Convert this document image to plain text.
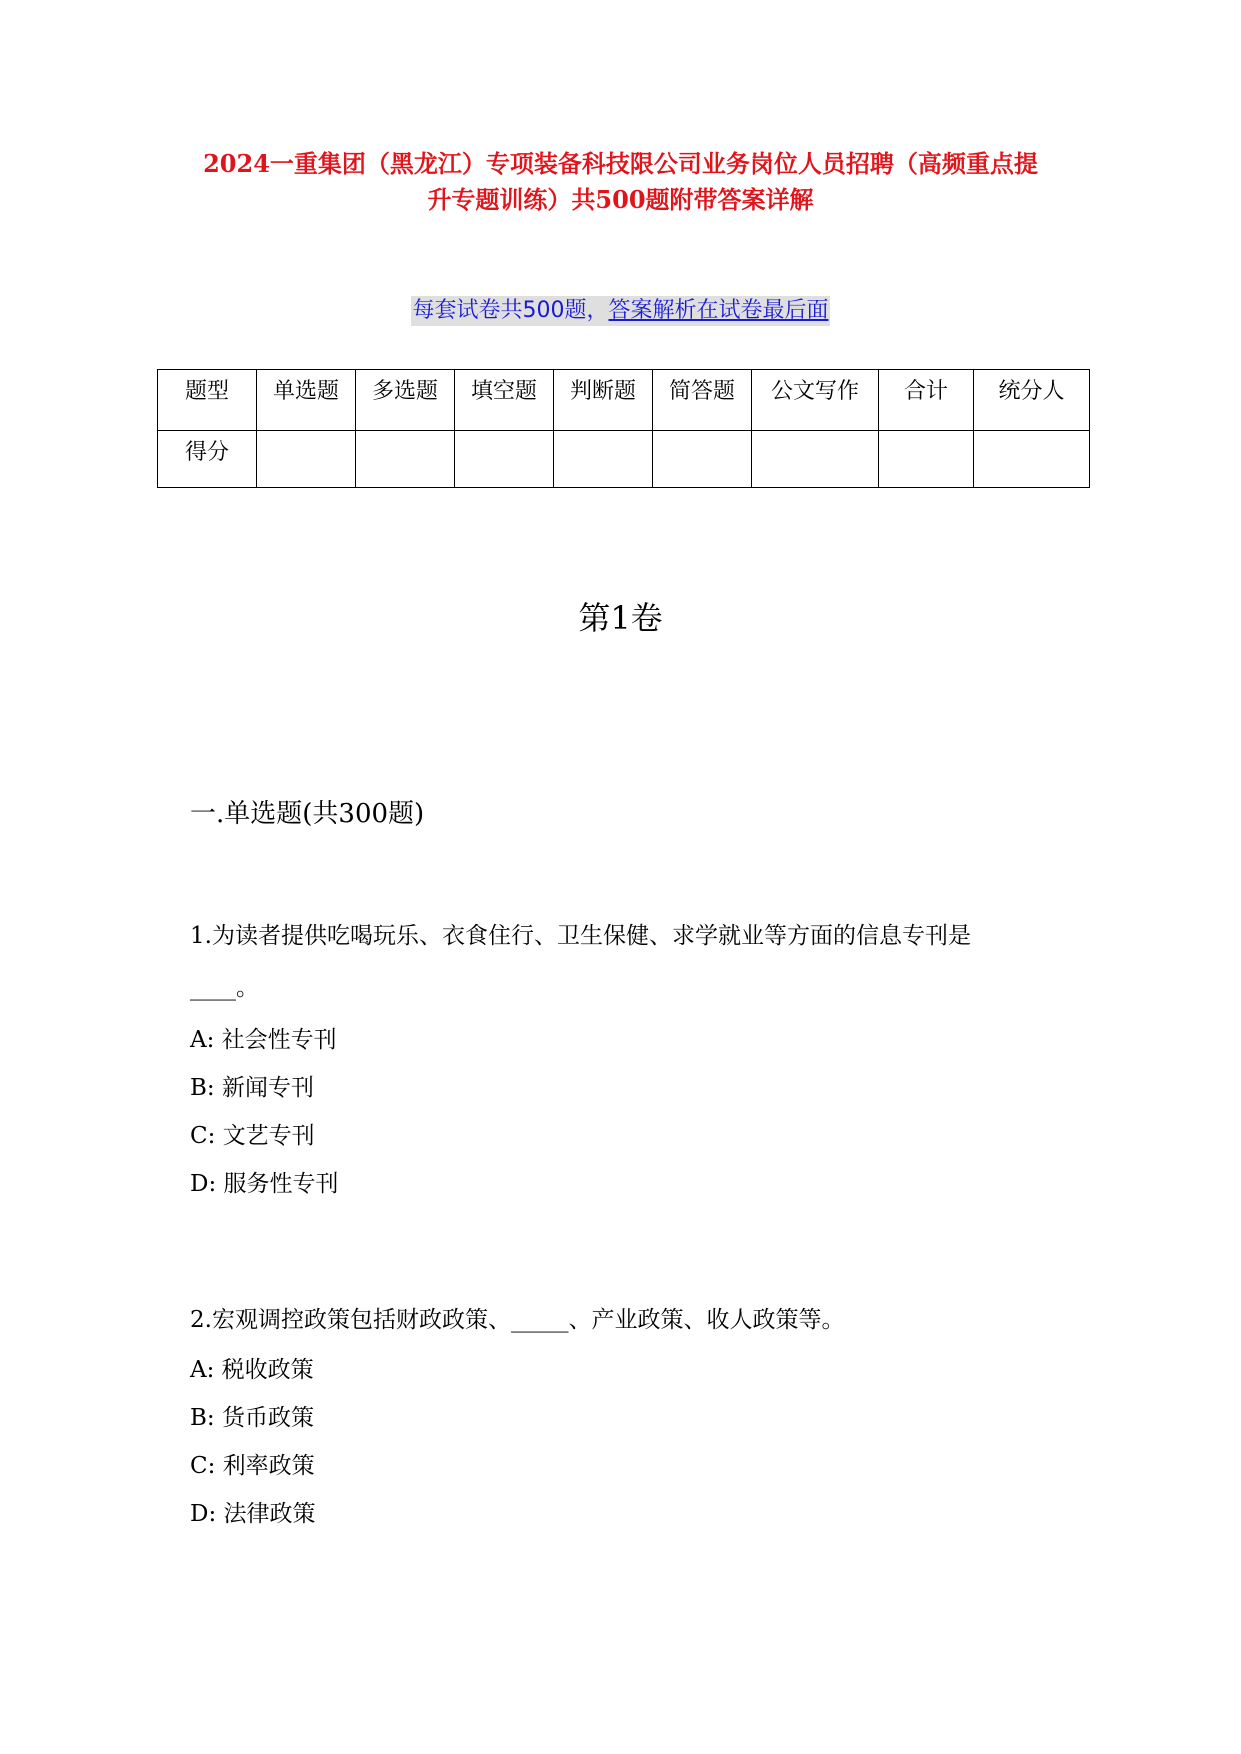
2024一重集团（黑龙江）专项装备科技限公司业务岗位人员招聘（高频重点提
升专题训练）共500题附带答案详解
每套试卷共500题，答案解析在试卷最后面
题型	单选题	多选题	填空题	判断题	简答题	公文写作	合计	统分人
得分								
第1卷
一.单选题(共300题)
1.为读者提供吃喝玩乐、衣食住行、卫生保健、求学就业等方面的信息专刊是
____。
A: 社会性专刊
B: 新闻专刊
C: 文艺专刊
D: 服务性专刊
2.宏观调控政策包括财政政策、_____、产业政策、收人政策等。
A: 税收政策
B: 货币政策
C: 利率政策
D: 法律政策
